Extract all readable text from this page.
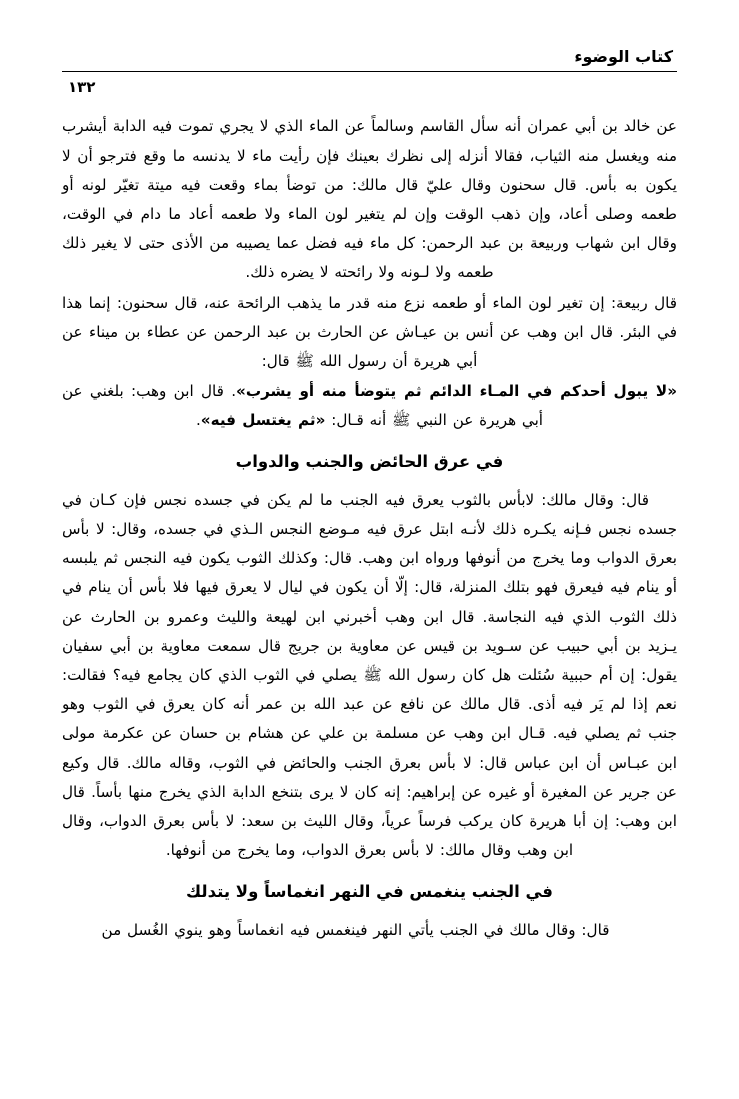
كتاب الوضوء
١٣٢

عن خالد بن أبي عمران أنه سأل القاسم وسالماً عن الماء الذي لا يجري تموت فيه الدابة أيشرب منه ويغسل منه الثياب، فقالا أنزله إلى نظرك بعينك فإن رأيت ماء لا يدنسه ما وقع فترجو أن لا يكون به بأس. قال سحنون وقال عليّ قال مالك: من توضأ بماء وقعت فيه ميتة تغيّر لونه أو طعمه وصلى أعاد، وإن ذهب الوقت وإن لم يتغير لون الماء ولا طعمه أعاد ما دام في الوقت، وقال ابن شهاب وربيعة بن عبد الرحمن: كل ماء فيه فضل عما يصيبه من الأذى حتى لا يغير ذلك طعمه ولا لـونه ولا رائحته لا يضره ذلك.

قال ربيعة: إن تغير لون الماء أو طعمه نزع منه قدر ما يذهب الرائحة عنه، قال سحنون: إنما هذا في البئر. قال ابن وهب عن أنس بن عيـاش عن الحارث بن عبد الرحمن عن عطاء بن ميناء عن أبي هريرة أن رسول الله ﷺ قال:

«لا يبول أحدكم في المـاء الدائم ثم يتوضأ منه أو يشرب». قال ابن وهب: بلغني عن أبي هريرة عن النبي ﷺ أنه قـال: «ثم يغتسل فيه».

في عرق الحائض والجنب والدواب

قال: وقال مالك: لابأس بالثوب يعرق فيه الجنب ما لم يكن في جسده نجس فإن كـان في جسده نجس فـإنه يكـره ذلك لأنـه ابتل عرق فيه مـوضع النجس الـذي في جسده، وقال: لا بأس بعرق الدواب وما يخرج من أنوفها ورواه ابن وهب. قال: وكذلك الثوب يكون فيه النجس ثم يلبسه أو ينام فيه فيعرق فهو بتلك المنزلة، قال: إلّا أن يكون في ليال لا يعرق فيها فلا بأس أن ينام في ذلك الثوب الذي فيه النجاسة. قال ابن وهب أخبرني ابن لهيعة والليث وعمرو بن الحارث عن يـزيد بن أبي حبيب عن سـويد بن قيس عن معاوية بن جريج قال سمعت معاوية بن أبي سفيان يقول: إن أم حببية سُئلت هل كان رسول الله ﷺ يصلي في الثوب الذي كان يجامع فيه؟ فقالت: نعم إذا لم يَر فيه أذى. قال مالك عن نافع عن عبد الله بن عمر أنه كان يعرق في الثوب وهو جنب ثم يصلي فيه. قـال ابن وهب عن مسلمة بن علي عن هشام بن حسان عن عكرمة مولى ابن عبـاس أن ابن عباس قال: لا بأس بعرق الجنب والحائض في الثوب، وقاله مالك. قال وكيع عن جرير عن المغيرة أو غيره عن إبراهيم: إنه كان لا يرى بتنخع الدابة الذي يخرج منها بأساً. قال ابن وهب: إن أبا هريرة كان يركب فرساً عرياً، وقال الليث بن سعد: لا بأس بعرق الدواب، وقال ابن وهب وقال مالك: لا بأس بعرق الدواب، وما يخرج من أنوفها.

في الجنب ينغمس في النهر انغماساً ولا يتدلك

قال: وقال مالك في الجنب يأتي النهر فينغمس فيه انغماساً وهو ينوي الغُسل من
